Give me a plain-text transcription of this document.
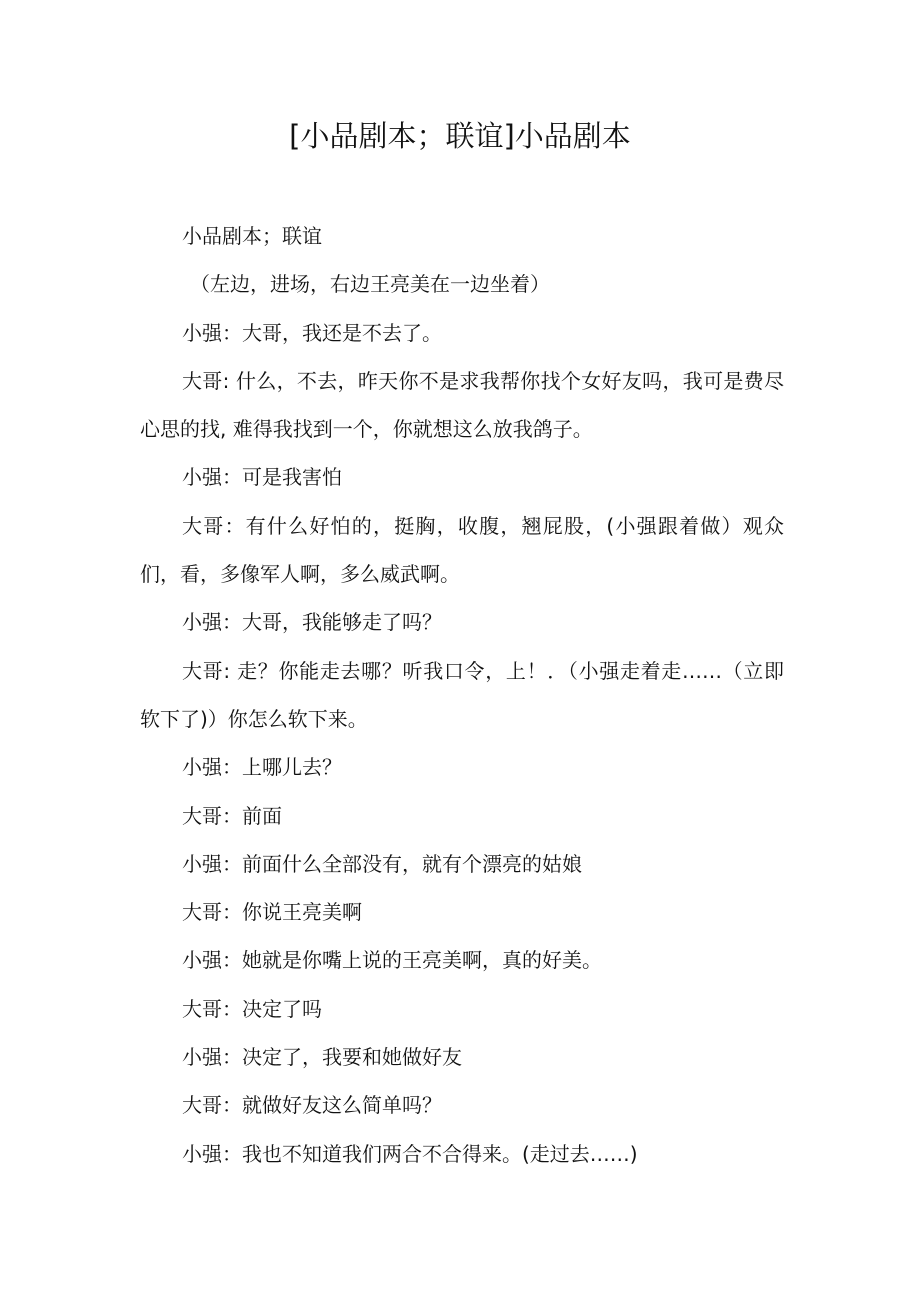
[小品剧本；联谊]小品剧本

小品剧本；联谊

（左边，进场，右边王亮美在一边坐着）

小强：大哥，我还是不去了。

大哥: 什么，不去，昨天你不是求我帮你找个女好友吗，我可是费尽心思的找, 难得我找到一个，你就想这么放我鸽子。

小强：可是我害怕

大哥：有什么好怕的，挺胸，收腹，翘屁股，(小强跟着做）观众们，看，多像军人啊，多么威武啊。

小强：大哥，我能够走了吗？

大哥: 走？你能走去哪？听我口令，上！．（小强走着走……（立即软下了)）你怎么软下来。

小强：上哪儿去？

大哥：前面

小强：前面什么全部没有，就有个漂亮的姑娘

大哥：你说王亮美啊

小强：她就是你嘴上说的王亮美啊，真的好美。

大哥：决定了吗

小强：决定了，我要和她做好友

大哥：就做好友这么简单吗？

小强：我也不知道我们两合不合得来。(走过去……)
